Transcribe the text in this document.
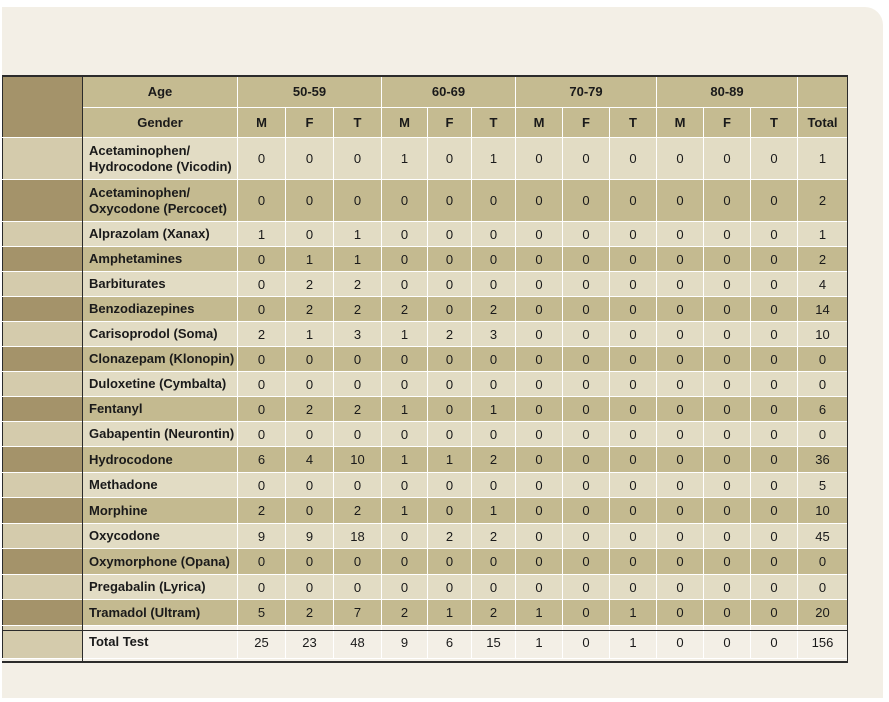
	Age	50-59			60-69			70-79			80-89			
	Gender	M	F	T	M	F	T	M	F	T	M	F	T	Total
	Acetaminophen/ Hydrocodone (Vicodin)	0	0	0	1	0	1	0	0	0	0	0	0	1
	Acetaminophen/ Oxycodone (Percocet)	0	0	0	0	0	0	0	0	0	0	0	0	2
	Alprazolam (Xanax)	1	0	1	0	0	0	0	0	0	0	0	0	1
	Amphetamines	0	1	1	0	0	0	0	0	0	0	0	0	2
	Barbiturates	0	2	2	0	0	0	0	0	0	0	0	0	4
	Benzodiazepines	0	2	2	2	0	2	0	0	0	0	0	0	14
	Carisoprodol (Soma)	2	1	3	1	2	3	0	0	0	0	0	0	10
	Clonazepam (Klonopin)	0	0	0	0	0	0	0	0	0	0	0	0	0
	Duloxetine (Cymbalta)	0	0	0	0	0	0	0	0	0	0	0	0	0
	Fentanyl	0	2	2	1	0	1	0	0	0	0	0	0	6
	Gabapentin (Neurontin)	0	0	0	0	0	0	0	0	0	0	0	0	0
	Hydrocodone	6	4	10	1	1	2	0	0	0	0	0	0	36
	Methadone	0	0	0	0	0	0	0	0	0	0	0	0	5
	Morphine	2	0	2	1	0	1	0	0	0	0	0	0	10
	Oxycodone	9	9	18	0	2	2	0	0	0	0	0	0	45
	Oxymorphone (Opana)	0	0	0	0	0	0	0	0	0	0	0	0	0
	Pregabalin (Lyrica)	0	0	0	0	0	0	0	0	0	0	0	0	0
	Tramadol (Ultram)	5	2	7	2	1	2	1	0	1	0	0	0	20
	Total Test	25	23	48	9	6	15	1	0	1	0	0	0	156
